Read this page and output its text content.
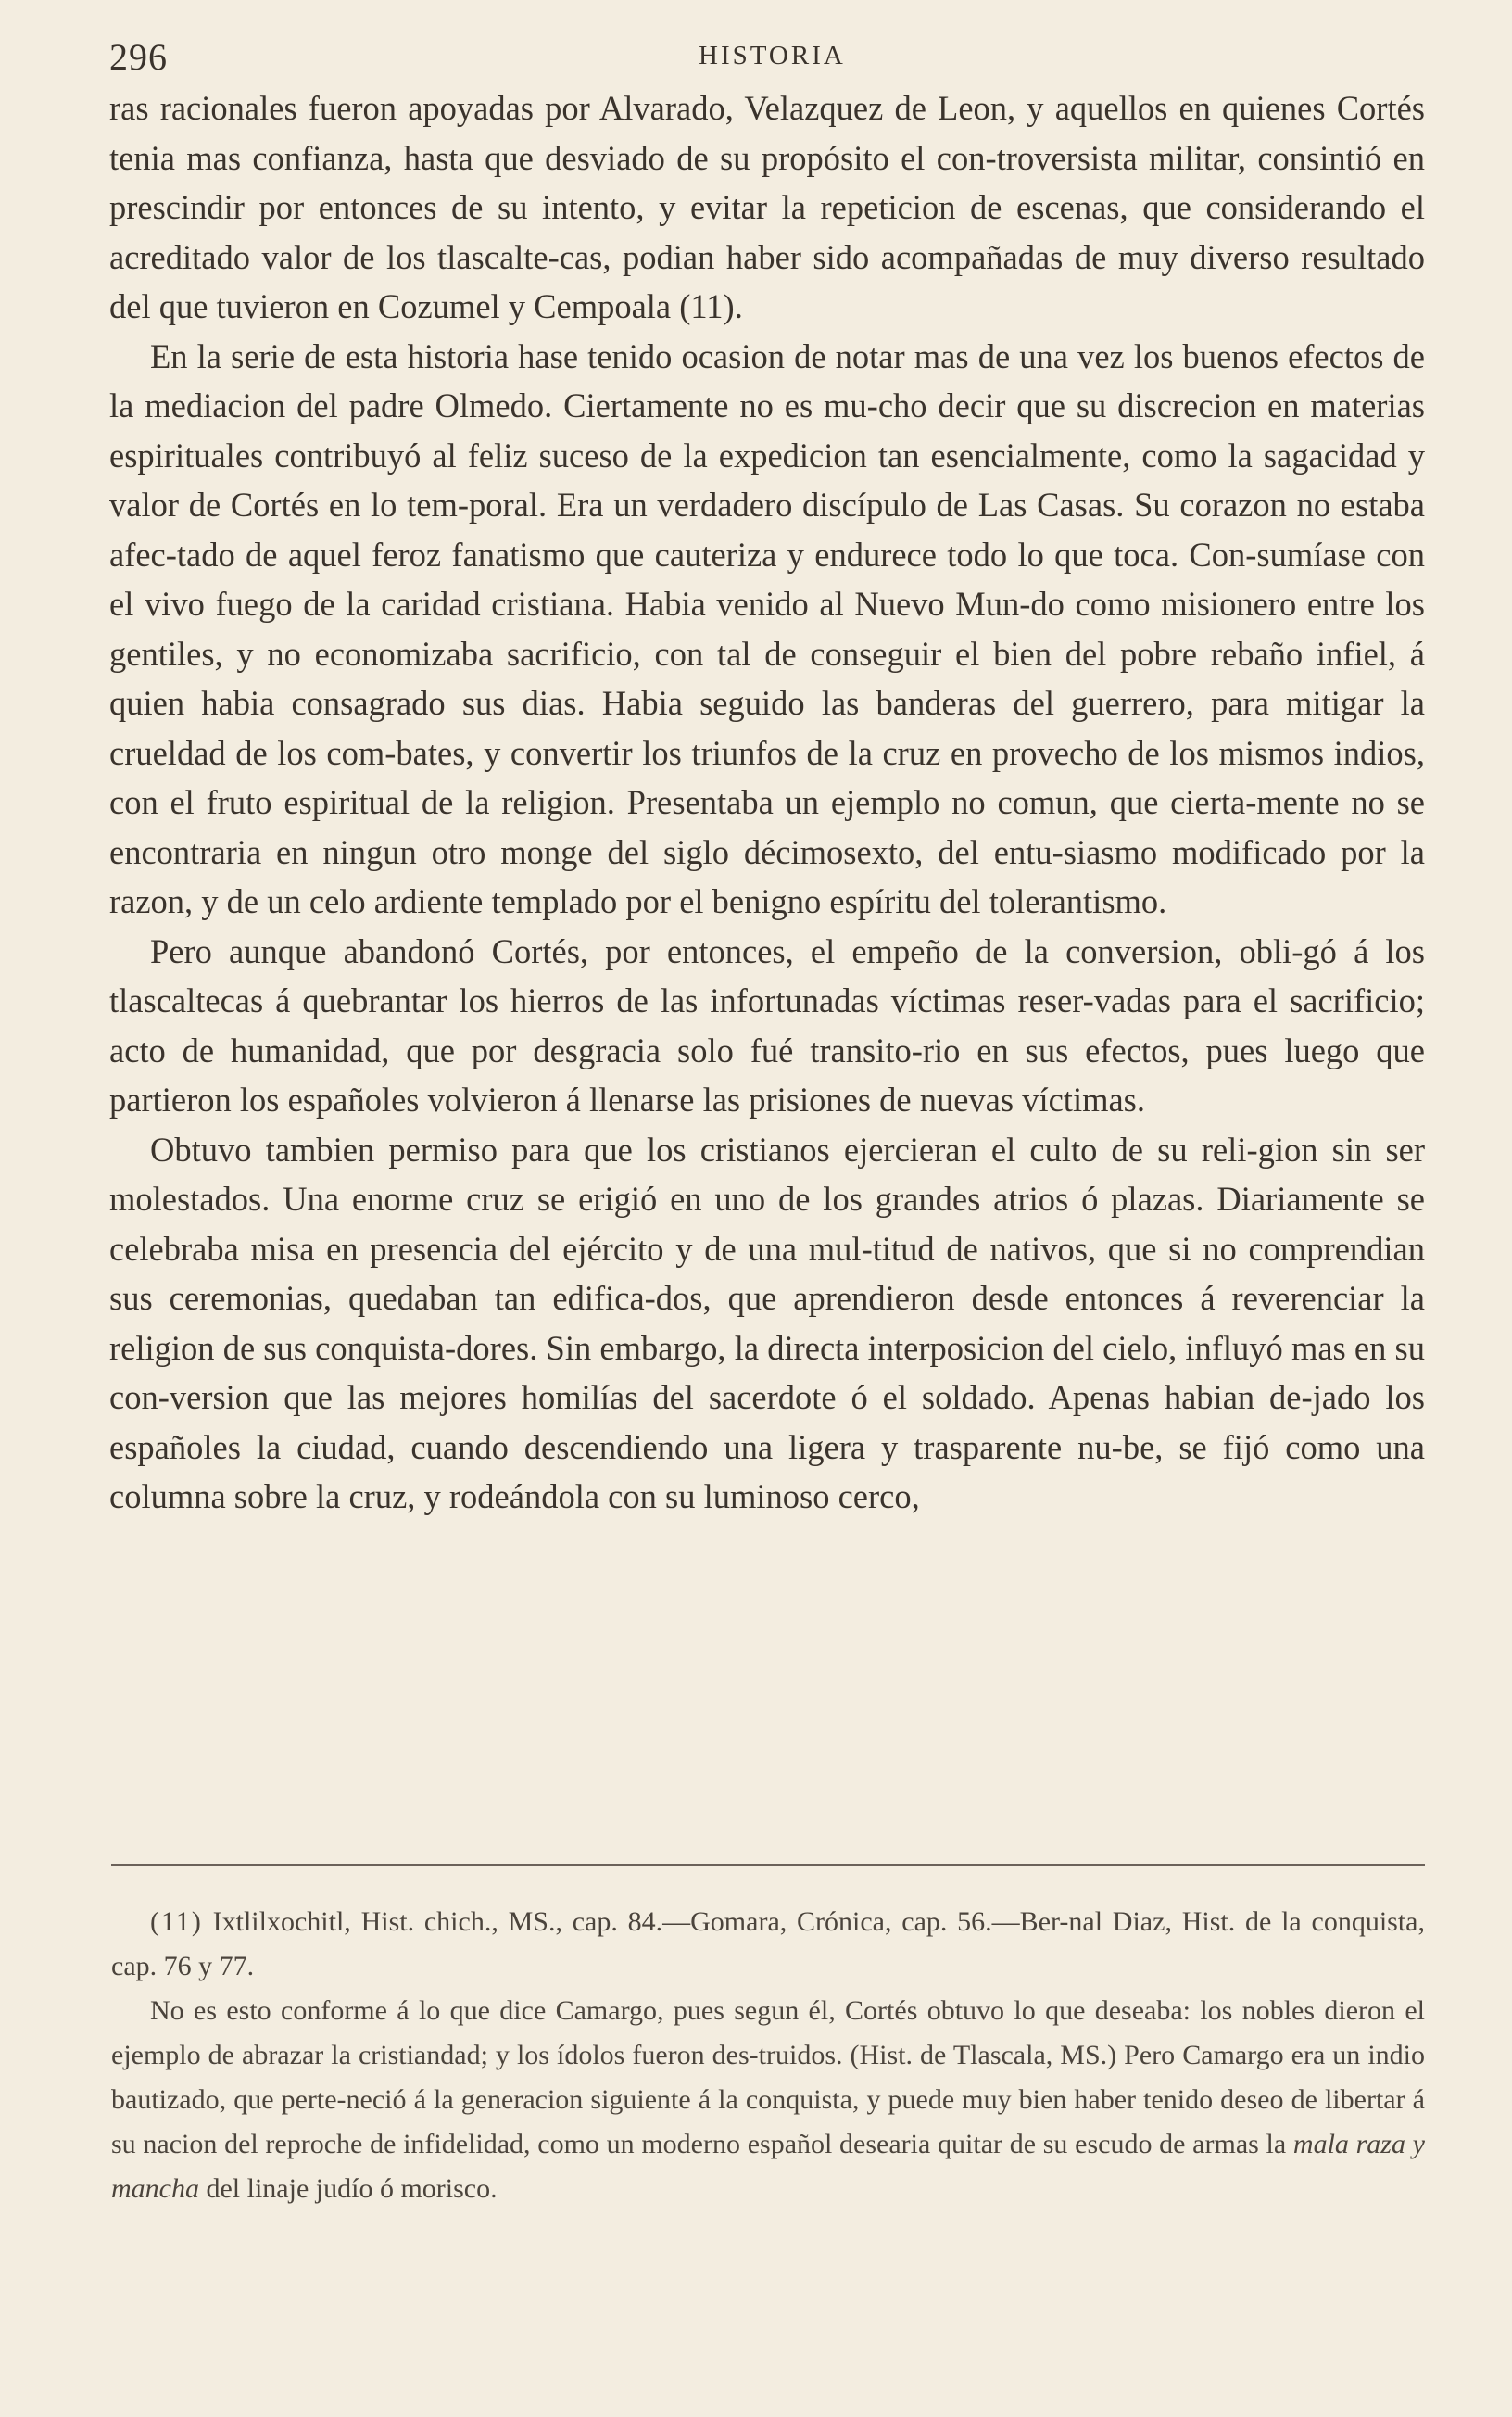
296	HISTORIA

ras racionales fueron apoyadas por Alvarado, Velazquez de Leon, y aquellos en quienes Cortés tenia mas confianza, hasta que desviado de su propósito el con-troversista militar, consintió en prescindir por entonces de su intento, y evitar la repeticion de escenas, que considerando el acreditado valor de los tlascalte-cas, podian haber sido acompañadas de muy diverso resultado del que tuvieron en Cozumel y Cempoala (11).

En la serie de esta historia hase tenido ocasion de notar mas de una vez los buenos efectos de la mediacion del padre Olmedo. Ciertamente no es mu-cho decir que su discrecion en materias espirituales contribuyó al feliz suceso de la expedicion tan esencialmente, como la sagacidad y valor de Cortés en lo tem-poral. Era un verdadero discípulo de Las Casas. Su corazon no estaba afec-tado de aquel feroz fanatismo que cauteriza y endurece todo lo que toca. Con-sumíase con el vivo fuego de la caridad cristiana. Habia venido al Nuevo Mun-do como misionero entre los gentiles, y no economizaba sacrificio, con tal de conseguir el bien del pobre rebaño infiel, á quien habia consagrado sus dias. Habia seguido las banderas del guerrero, para mitigar la crueldad de los com-bates, y convertir los triunfos de la cruz en provecho de los mismos indios, con el fruto espiritual de la religion. Presentaba un ejemplo no comun, que cierta-mente no se encontraria en ningun otro monge del siglo décimosexto, del entu-siasmo modificado por la razon, y de un celo ardiente templado por el benigno espíritu del tolerantismo.

Pero aunque abandonó Cortés, por entonces, el empeño de la conversion, obli-gó á los tlascaltecas á quebrantar los hierros de las infortunadas víctimas reser-vadas para el sacrificio; acto de humanidad, que por desgracia solo fué transito-rio en sus efectos, pues luego que partieron los españoles volvieron á llenarse las prisiones de nuevas víctimas.

Obtuvo tambien permiso para que los cristianos ejercieran el culto de su reli-gion sin ser molestados. Una enorme cruz se erigió en uno de los grandes atrios ó plazas. Diariamente se celebraba misa en presencia del ejército y de una mul-titud de nativos, que si no comprendian sus ceremonias, quedaban tan edifica-dos, que aprendieron desde entonces á reverenciar la religion de sus conquista-dores. Sin embargo, la directa interposicion del cielo, influyó mas en su con-version que las mejores homilías del sacerdote ó el soldado. Apenas habian de-jado los españoles la ciudad, cuando descendiendo una ligera y trasparente nu-be, se fijó como una columna sobre la cruz, y rodeándola con su luminoso cerco,

(11) Ixtlilxochitl, Hist. chich., MS., cap. 84.—Gomara, Crónica, cap. 56.—Ber-nal Diaz, Hist. de la conquista, cap. 76 y 77.

No es esto conforme á lo que dice Camargo, pues segun él, Cortés obtuvo lo que deseaba: los nobles dieron el ejemplo de abrazar la cristiandad; y los ídolos fueron des-truidos. (Hist. de Tlascala, MS.) Pero Camargo era un indio bautizado, que perte-neció á la generacion siguiente á la conquista, y puede muy bien haber tenido deseo de libertar á su nacion del reproche de infidelidad, como un moderno español desearia quitar de su escudo de armas la mala raza y mancha del linaje judío ó morisco.
